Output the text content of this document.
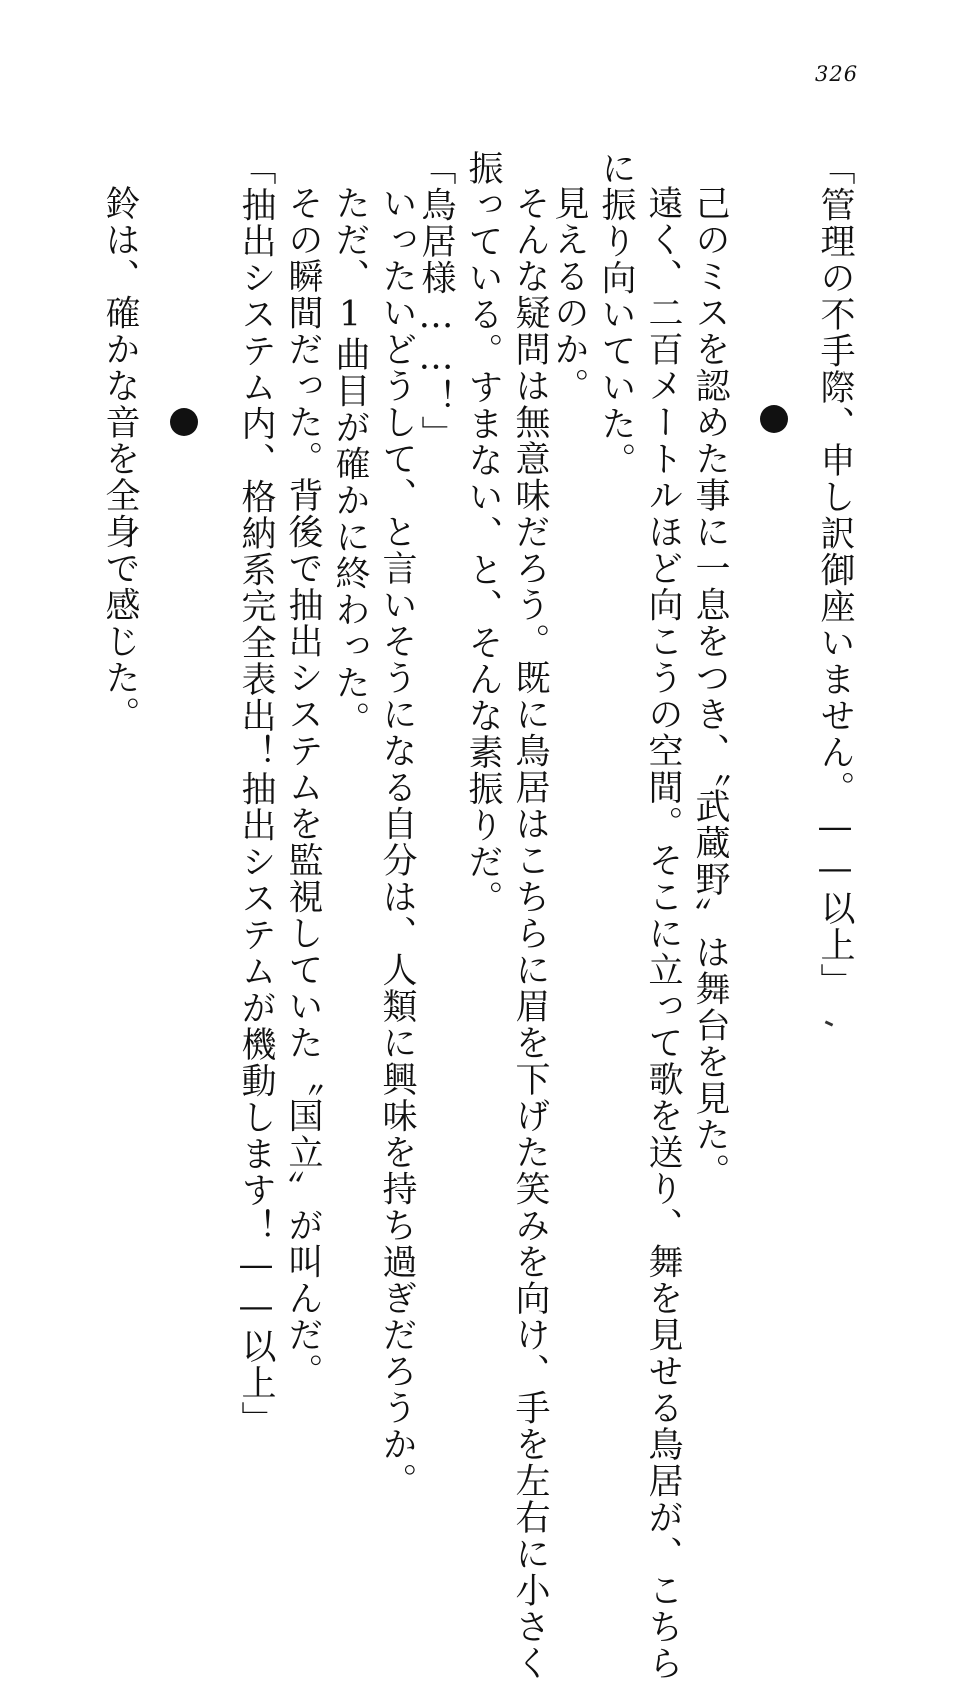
326
「管理の不手際、申し訳御座いません。——以上」
己のミスを認めた事に一息をつき、〝武蔵野〟は舞台を見た。
遠く、二百メートルほど向こうの空間。そこに立って歌を送り、舞を見せる鳥居が、こちら
に振り向いていた。
見えるのか。
そんな疑問は無意味だろう。既に鳥居はこちらに眉を下げた笑みを向け、手を左右に小さく
振っている。すまない、と、そんな素振りだ。
「鳥居様……！」
いったいどうして、と言いそうになる自分は、人類に興味を持ち過ぎだろうか。
ただ、1曲目が確かに終わった。
その瞬間だった。背後で抽出システムを監視していた〝国立〟が叫んだ。
「抽出システム内、格納系完全表出！抽出システムが機動します！——以上」
鈴は、確かな音を全身で感じた。
